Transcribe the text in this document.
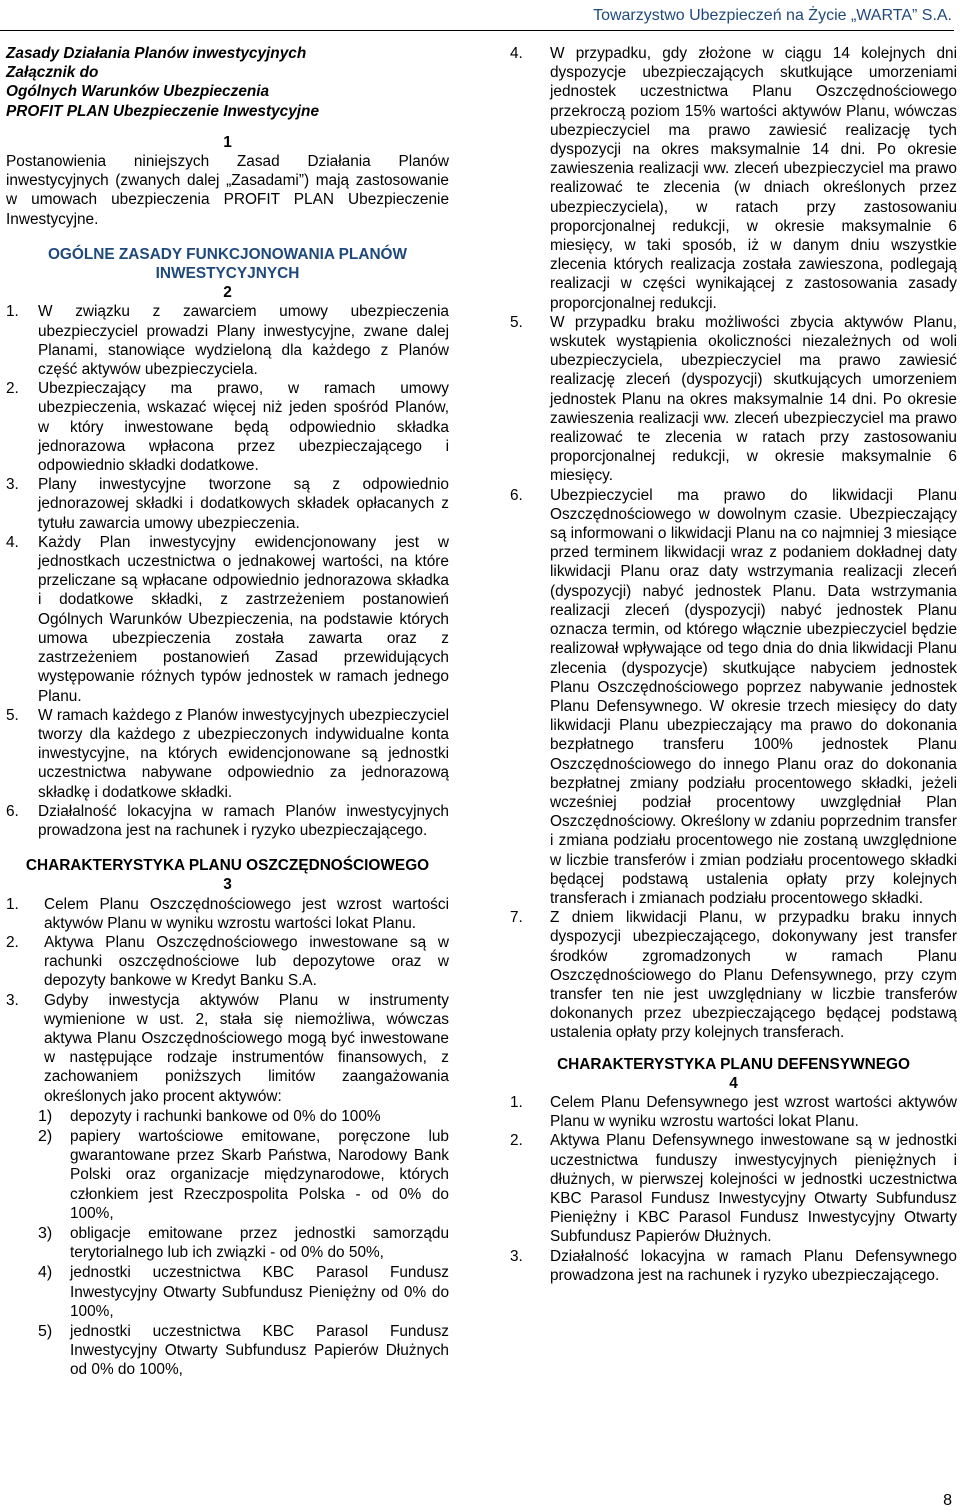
Towarzystwo Ubezpieczeń na Życie „WARTA” S.A.
Zasady Działania Planów inwestycyjnych
Załącznik do
Ogólnych Warunków Ubezpieczenia
PROFIT PLAN Ubezpieczenie Inwestycyjne
1

Postanowienia niniejszych Zasad Działania Planów inwestycyjnych (zwanych dalej „Zasadami”) mają zastosowanie w umowach ubezpieczenia PROFIT PLAN Ubezpieczenie Inwestycyjne.

OGÓLNE ZASADY FUNKCJONOWANIA PLANÓW INWESTYCYJNYCH
2
1.	W związku z zawarciem umowy ubezpieczenia ubezpieczyciel prowadzi Plany inwestycyjne, zwane dalej Planami, stanowiące wydzieloną dla każdego z Planów część aktywów ubezpieczyciela.
2.	Ubezpieczający ma prawo, w ramach umowy ubezpieczenia, wskazać więcej niż jeden spośród Planów, w który inwestowane będą odpowiednio składka jednorazowa wpłacona przez ubezpieczającego i odpowiednio składki dodatkowe.
3.	Plany inwestycyjne tworzone są z odpowiednio jednorazowej składki i dodatkowych składek opłacanych z tytułu zawarcia umowy ubezpieczenia.
4.	Każdy Plan inwestycyjny ewidencjonowany jest w jednostkach uczestnictwa o jednakowej wartości, na które przeliczane są wpłacane odpowiednio jednorazowa składka i dodatkowe składki, z zastrzeżeniem postanowień Ogólnych Warunków Ubezpieczenia, na podstawie których umowa ubezpieczenia została zawarta oraz z zastrzeżeniem postanowień Zasad przewidujących występowanie różnych typów jednostek w ramach jednego Planu.
5.	W ramach każdego z Planów inwestycyjnych ubezpieczyciel tworzy dla każdego z ubezpieczonych indywidualne konta inwestycyjne, na których ewidencjonowane są jednostki uczestnictwa nabywane odpowiednio za jednorazową składkę i dodatkowe składki.
6.	Działalność lokacyjna w ramach Planów inwestycyjnych prowadzona jest na rachunek i ryzyko ubezpieczającego.
CHARAKTERYSTYKA PLANU OSZCZĘDNOŚCIOWEGO
3
1.	Celem Planu Oszczędnościowego jest wzrost wartości aktywów Planu w wyniku wzrostu wartości lokat Planu.
2.	Aktywa Planu Oszczędnościowego inwestowane są w rachunki oszczędnościowe lub depozytowe oraz w depozyty bankowe w Kredyt Banku S.A.
3.	Gdyby inwestycja aktywów Planu w instrumenty wymienione w ust. 2, stała się niemożliwa, wówczas aktywa Planu Oszczędnościowego mogą być inwestowane w następujące rodzaje instrumentów finansowych, z zachowaniem poniższych limitów zaangażowania określonych jako procent aktywów:
1)	depozyty i rachunki bankowe od 0% do 100%
2)	papiery wartościowe emitowane, poręczone lub gwarantowane przez Skarb Państwa, Narodowy Bank Polski oraz organizacje międzynarodowe, których członkiem jest Rzeczpospolita Polska - od 0% do 100%,
3)	obligacje emitowane przez jednostki samorządu terytorialnego lub ich związki - od 0% do 50%,
4)	jednostki uczestnictwa KBC Parasol Fundusz Inwestycyjny Otwarty Subfundusz Pieniężny od 0% do 100%,
5)	jednostki uczestnictwa KBC Parasol Fundusz Inwestycyjny Otwarty Subfundusz Papierów Dłużnych od 0% do 100%,
4.	W przypadku, gdy złożone w ciągu 14 kolejnych dni dyspozycje ubezpieczających skutkujące umorzeniami jednostek uczestnictwa Planu Oszczędnościowego przekroczą poziom 15% wartości aktywów Planu, wówczas ubezpieczyciel ma prawo zawiesić realizację tych dyspozycji na okres maksymalnie 14 dni. Po okresie zawieszenia realizacji ww. zleceń ubezpieczyciel ma prawo realizować te zlecenia (w dniach określonych przez ubezpieczyciela), w ratach przy zastosowaniu proporcjonalnej redukcji, w okresie maksymalnie 6 miesięcy, w taki sposób, iż w danym dniu wszystkie zlecenia których realizacja została zawieszona, podlegają realizacji w części wynikającej z zastosowania zasady proporcjonalnej redukcji.
5.	W przypadku braku możliwości zbycia aktywów Planu, wskutek wystąpienia okoliczności niezależnych od woli ubezpieczyciela, ubezpieczyciel ma prawo zawiesić realizację zleceń (dyspozycji) skutkujących umorzeniem jednostek Planu na okres maksymalnie 14 dni. Po okresie zawieszenia realizacji ww. zleceń ubezpieczyciel ma prawo realizować te zlecenia w ratach przy zastosowaniu proporcjonalnej redukcji, w okresie maksymalnie 6 miesięcy.
6.	Ubezpieczyciel ma prawo do likwidacji Planu Oszczędnościowego w dowolnym czasie. Ubezpieczający są informowani o likwidacji Planu na co najmniej 3 miesiące przed terminem likwidacji wraz z podaniem dokładnej daty likwidacji Planu oraz daty wstrzymania realizacji zleceń (dyspozycji) nabyć jednostek Planu. Data wstrzymania realizacji zleceń (dyspozycji) nabyć jednostek Planu oznacza termin, od którego włącznie ubezpieczyciel będzie realizował wpływające od tego dnia do dnia likwidacji Planu zlecenia (dyspozycje) skutkujące nabyciem jednostek Planu Oszczędnościowego poprzez nabywanie jednostek Planu Defensywnego. W okresie trzech miesięcy do daty likwidacji Planu ubezpieczający ma prawo do dokonania bezpłatnego transferu 100% jednostek Planu Oszczędnościowego do innego Planu oraz do dokonania bezpłatnej zmiany podziału procentowego składki, jeżeli wcześniej podział procentowy uwzględniał Plan Oszczędnościowy. Określony w zdaniu poprzednim transfer i zmiana podziału procentowego nie zostaną uwzględnione w liczbie transferów i zmian podziału procentowego składki będącej podstawą ustalenia opłaty przy kolejnych transferach i zmianach podziału procentowego składki.
7.	Z dniem likwidacji Planu, w przypadku braku innych dyspozycji ubezpieczającego, dokonywany jest transfer środków zgromadzonych w ramach Planu Oszczędnościowego do Planu Defensywnego, przy czym transfer ten nie jest uwzględniany w liczbie transferów dokonanych przez ubezpieczającego będącej podstawą ustalenia opłaty przy kolejnych transferach.
CHARAKTERYSTYKA PLANU DEFENSYWNEGO
4
1.	Celem Planu Defensywnego jest wzrost wartości aktywów Planu w wyniku wzrostu wartości lokat Planu.
2.	Aktywa Planu Defensywnego inwestowane są w jednostki uczestnictwa funduszy inwestycyjnych pieniężnych i dłużnych, w pierwszej kolejności w jednostki uczestnictwa KBC Parasol Fundusz Inwestycyjny Otwarty Subfundusz Pieniężny i KBC Parasol Fundusz Inwestycyjny Otwarty Subfundusz Papierów Dłużnych.
3.	Działalność lokacyjna w ramach Planu Defensywnego prowadzona jest na rachunek i ryzyko ubezpieczającego.
8
